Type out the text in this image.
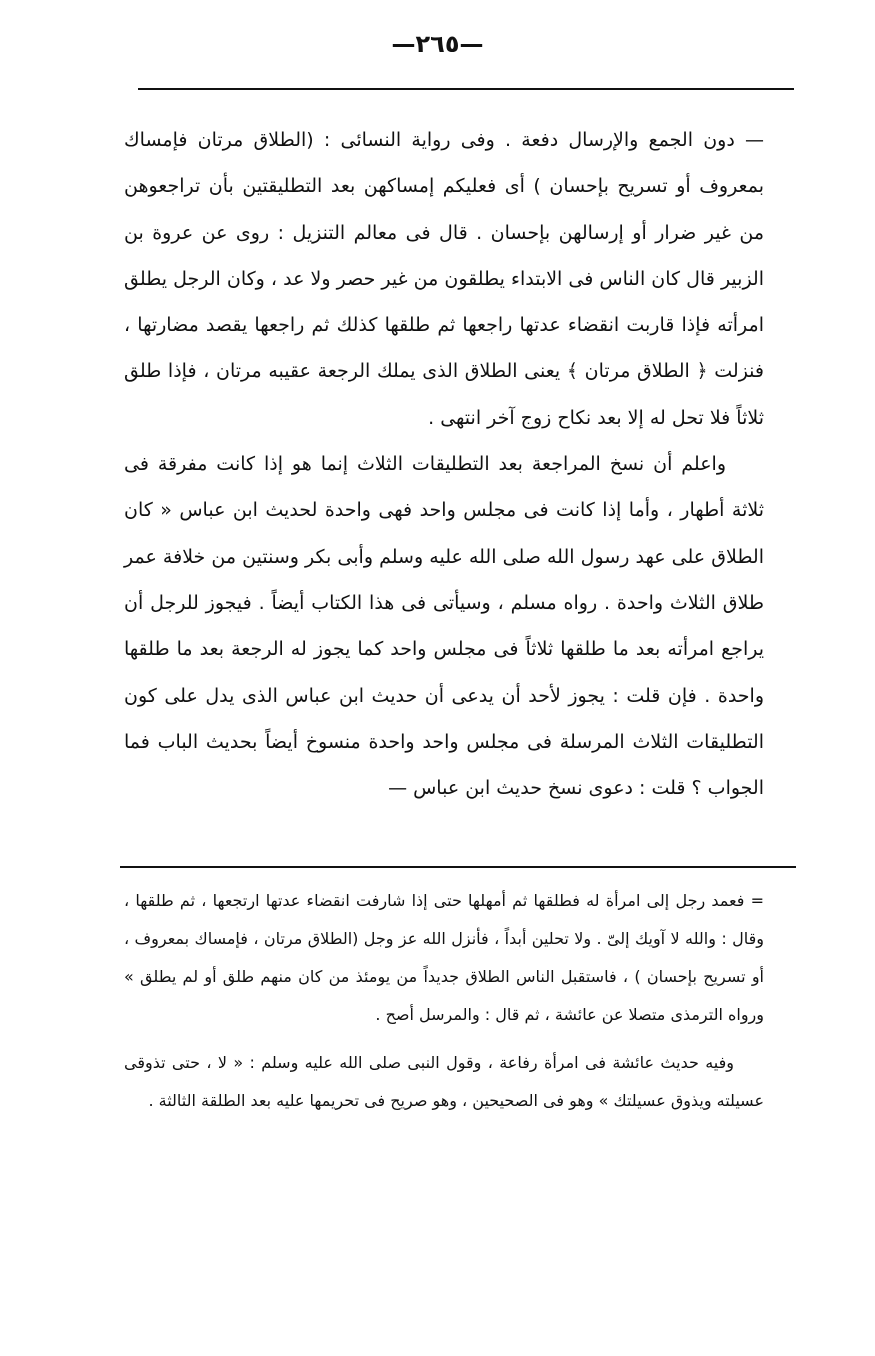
—٢٦٥—

— دون الجمع والإرسال دفعة . وفى رواية النسائى : (الطلاق مرتان فإمساك بمعروف أو تسريح بإحسان ) أى فعليكم إمساكهن بعد التطليقتين بأن تراجعوهن من غير ضرار أو إرسالهن بإحسان . قال فى معالم التنزيل : روى عن عروة بن الزبير قال كان الناس فى الابتداء يطلقون من غير حصر ولا عد ، وكان الرجل يطلق امرأته فإذا قاربت انقضاء عدتها راجعها ثم طلقها كذلك ثم راجعها يقصد مضارتها ، فنزلت ﴿ الطلاق مرتان ﴾ يعنى الطلاق الذى يملك الرجعة عقيبه مرتان ، فإذا طلق ثلاثاً فلا تحل له إلا بعد نكاح زوج آخر انتهى .

واعلم أن نسخ المراجعة بعد التطليقات الثلاث إنما هو إذا كانت مفرقة فى ثلاثة أطهار ، وأما إذا كانت فى مجلس واحد فهى واحدة لحديث ابن عباس « كان الطلاق على عهد رسول الله صلى الله عليه وسلم وأبى بكر وسنتين من خلافة عمر طلاق الثلاث واحدة . رواه مسلم ، وسيأتى فى هذا الكتاب أيضاً . فيجوز للرجل أن يراجع امرأته بعد ما طلقها ثلاثاً فى مجلس واحد كما يجوز له الرجعة بعد ما طلقها واحدة . فإن قلت : يجوز لأحد أن يدعى أن حديث ابن عباس الذى يدل على كون التطليقات الثلاث المرسلة فى مجلس واحد واحدة منسوخ أيضاً بحديث الباب فما الجواب ؟ قلت : دعوى نسخ حديث ابن عباس —

= فعمد رجل إلى امرأة له فطلقها ثم أمهلها حتى إذا شارفت انقضاء عدتها ارتجعها ، ثم طلقها ، وقال : والله لا آويك إلىّ . ولا تحلين أبداً ، فأنزل الله عز وجل (الطلاق مرتان ، فإمساك بمعروف ، أو تسريح بإحسان ) ، فاستقبل الناس الطلاق جديداً من يومئذ من كان منهم طلق أو لم يطلق » ورواه الترمذى متصلا عن عائشة ، ثم قال : والمرسل أصح .

وفيه حديث عائشة فى امرأة رفاعة ، وقول النبى صلى الله عليه وسلم : « لا ، حتى تذوقى عسيلته ويذوق عسيلتك » وهو فى الصحيحين ، وهو صريح فى تحريمها عليه بعد الطلقة الثالثة .
